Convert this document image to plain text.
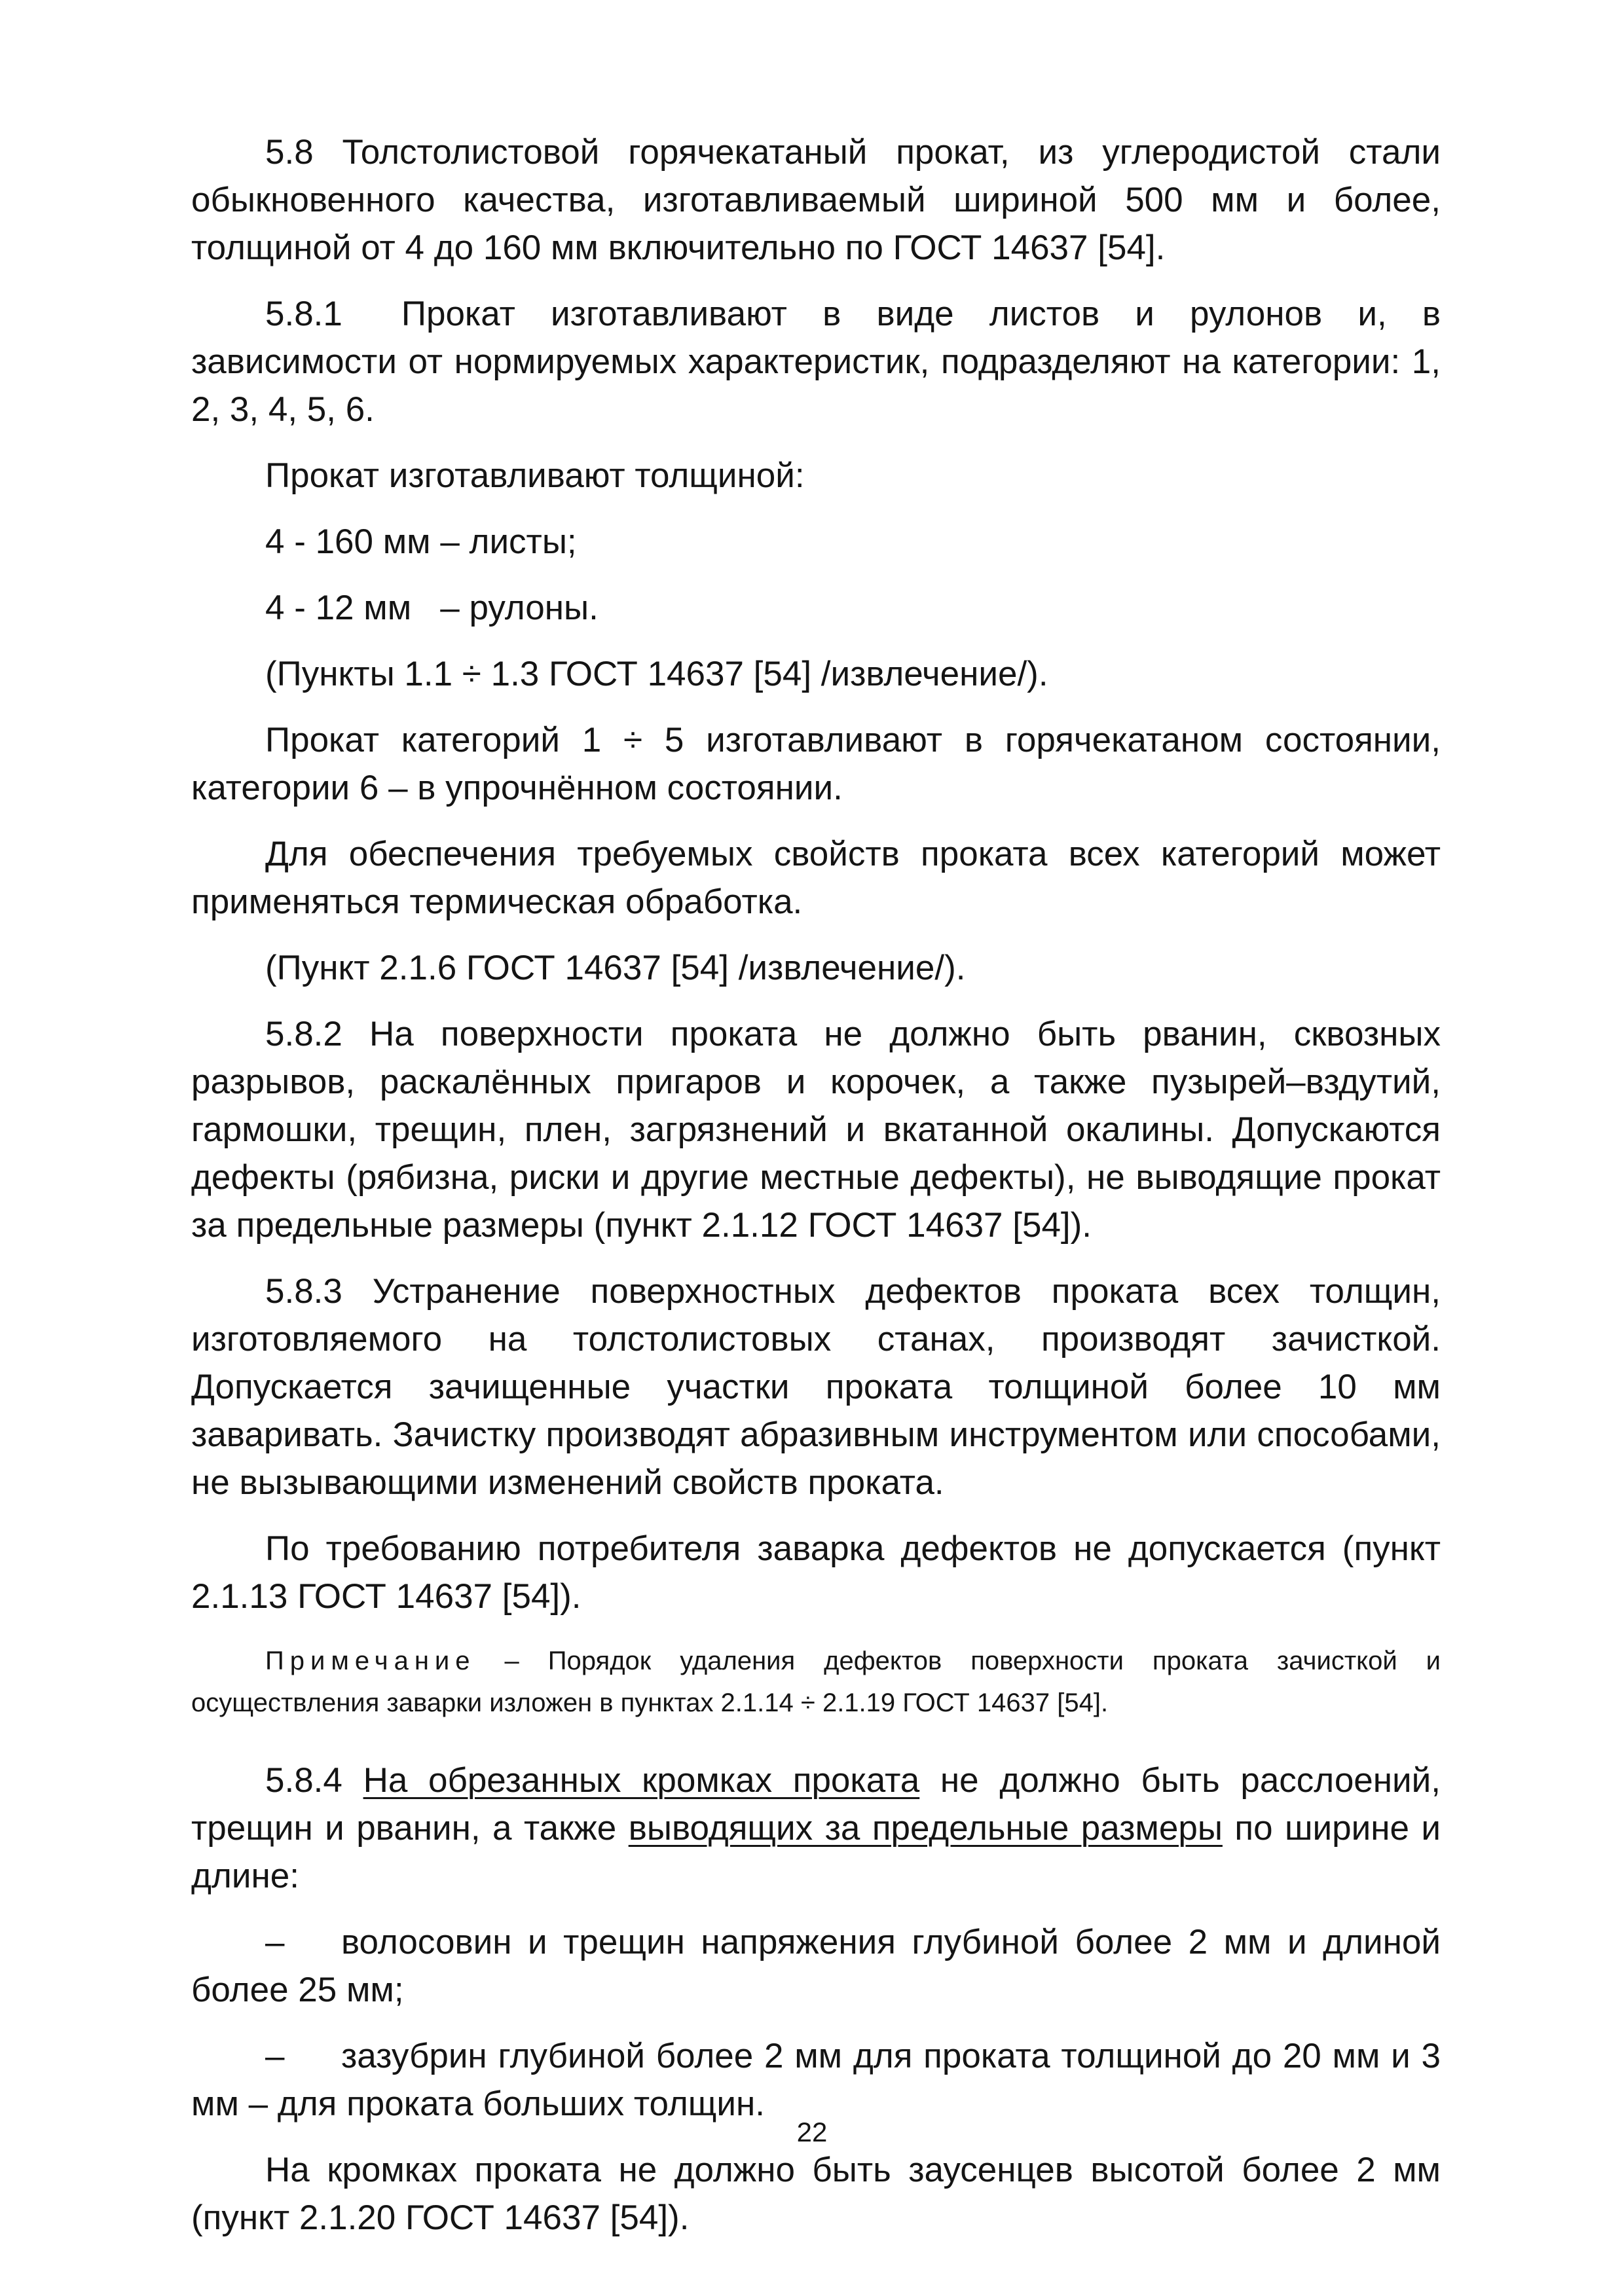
5.8 Толстолистовой горячекатаный прокат, из углеродистой стали обыкновенного качества, изготавливаемый шириной 500 мм и более, толщиной от 4 до 160 мм включительно по ГОСТ 14637 [54].

5.8.1 Прокат изготавливают в виде листов и рулонов и, в зависимости от нормируемых характеристик, подразделяют на категории: 1, 2, 3, 4, 5, 6.

Прокат изготавливают толщиной:

4 - 160 мм – листы;

4 - 12 мм   – рулоны.

(Пункты 1.1 ÷ 1.3 ГОСТ 14637 [54] /извлечение/).

Прокат категорий 1 ÷ 5 изготавливают в горячекатаном состоянии, категории 6 – в упрочнённом состоянии.

Для обеспечения требуемых свойств проката всех категорий может применяться термическая обработка.

(Пункт 2.1.6 ГОСТ 14637 [54] /извлечение/).

5.8.2 На поверхности проката не должно быть рванин, сквозных разрывов, раскалённых пригаров и корочек, а также пузырей–вздутий, гармошки, трещин, плен, загрязнений и вкатанной окалины. Допускаются дефекты (рябизна, риски и другие местные дефекты), не выводящие прокат за предельные размеры (пункт 2.1.12 ГОСТ 14637 [54]).

5.8.3 Устранение поверхностных дефектов проката всех толщин, изготовляемого на толстолистовых станах, производят зачисткой. Допускается зачищенные участки проката толщиной более 10 мм заваривать. Зачистку производят абразивным инструментом или способами, не вызывающими изменений свойств проката.

По требованию потребителя заварка дефектов не допускается (пункт 2.1.13 ГОСТ 14637 [54]).

Примечание – Порядок удаления дефектов поверхности проката зачисткой и осуществления заварки изложен в пунктах 2.1.14 ÷ 2.1.19 ГОСТ 14637 [54].

5.8.4 На обрезанных кромках проката не должно быть расслоений, трещин и рванин, а также выводящих за предельные размеры по ширине и длине:

– волосовин и трещин напряжения глубиной более 2 мм и длиной более 25 мм;

– зазубрин глубиной более 2 мм для проката толщиной до 20 мм и 3 мм – для проката больших толщин.

На кромках проката не должно быть заусенцев высотой более 2 мм (пункт 2.1.20 ГОСТ 14637 [54]).

22
